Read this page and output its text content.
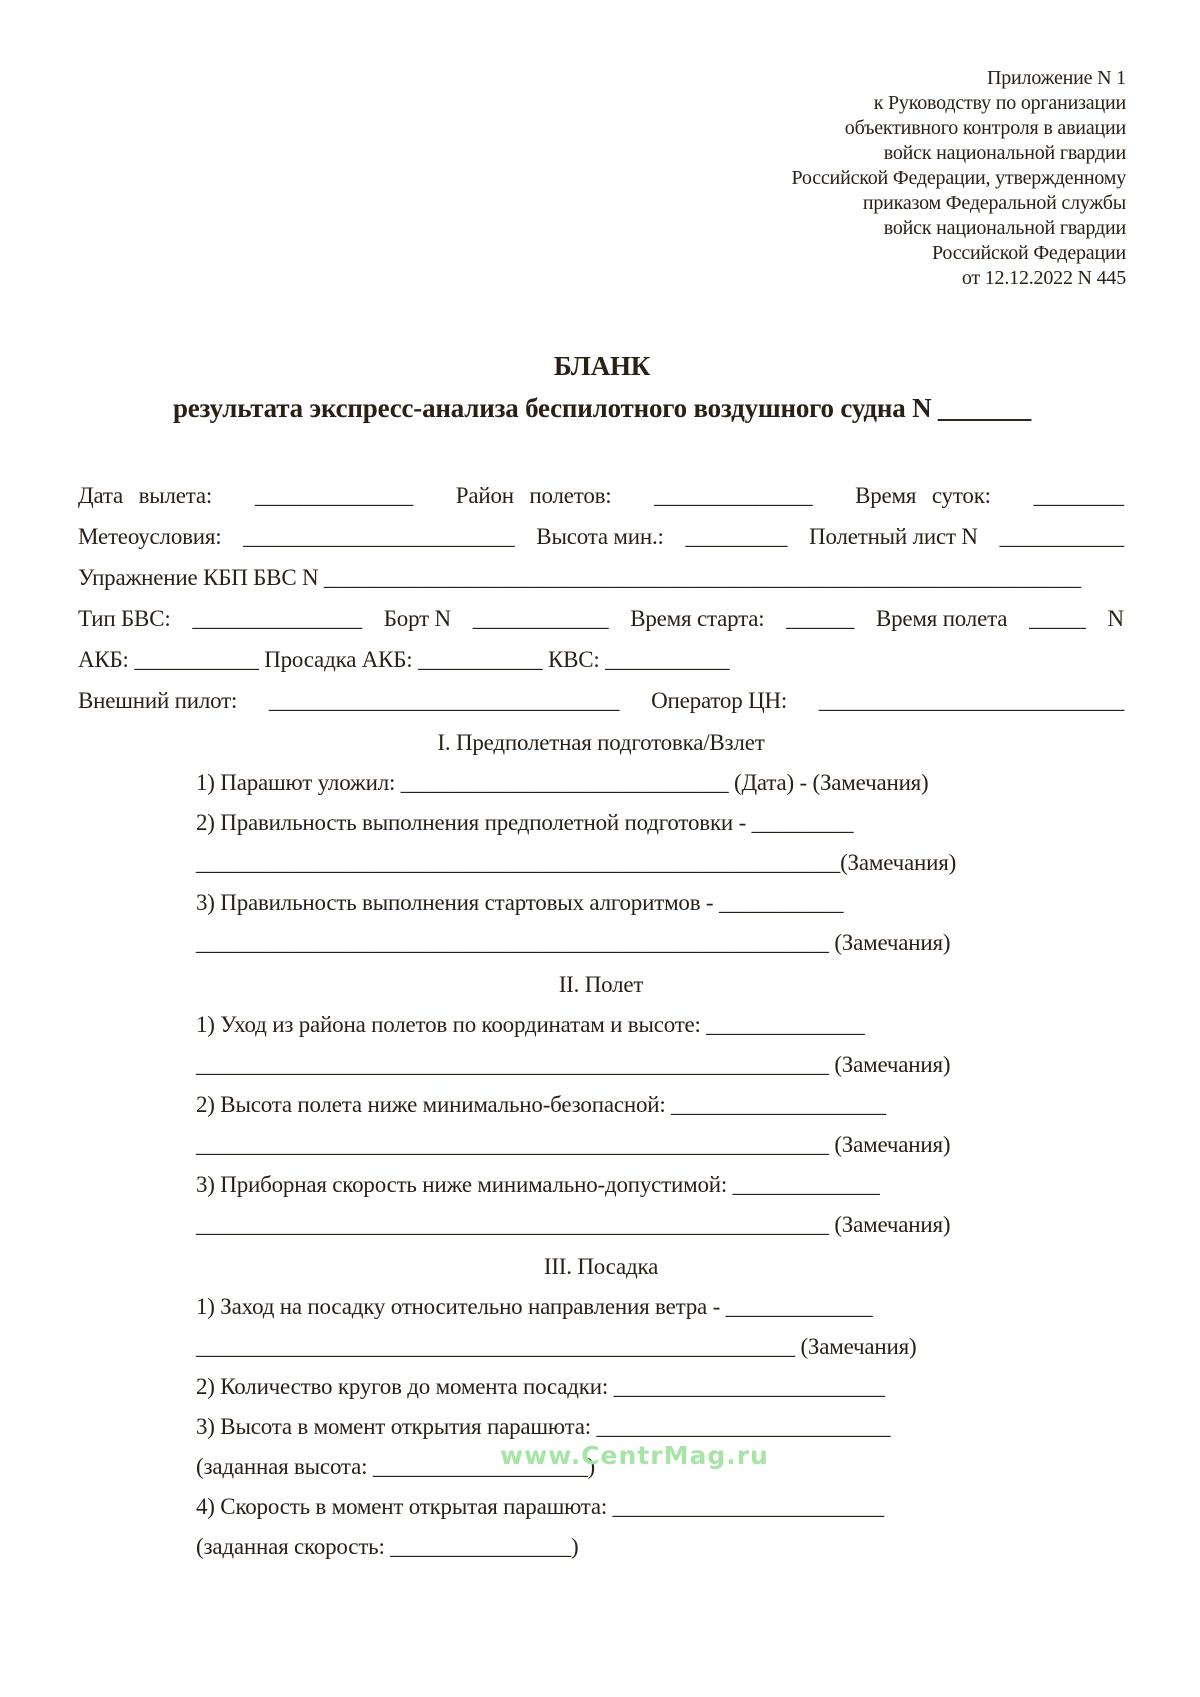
Приложение N 1
к Руководству по организации
объективного контроля в авиации
войск национальной гвардии
Российской Федерации, утвержденному
приказом Федеральной службы
войск национальной гвардии
Российской Федерации
от 12.12.2022 N 445
БЛАНК
результата экспресс-анализа беспилотного воздушного судна N _______
Дата вылета: ______________ Район полетов: ______________ Время суток: ________
Метеоусловия: ________________________ Высота мин.: _________ Полетный лист N ___________
Упражнение КБП БВС N ___________________________________________________________________
Тип БВС: _______________ Борт N ____________ Время старта: ______ Время полета _____ N
АКБ: ___________ Просадка АКБ: ___________ КВС: ___________
Внешний пилот: _______________________________ Оператор ЦН: ___________________________
I. Предполетная подготовка/Взлет
1) Парашют уложил: _____________________________ (Дата) - (Замечания)
2) Правильность выполнения предполетной подготовки - _________
_________________________________________________________(Замечания)
3) Правильность выполнения стартовых алгоритмов - ___________
________________________________________________________ (Замечания)
II. Полет
1) Уход из района полетов по координатам и высоте: ______________
________________________________________________________ (Замечания)
2) Высота полета ниже минимально-безопасной: ___________________
________________________________________________________ (Замечания)
3) Приборная скорость ниже минимально-допустимой: _____________
________________________________________________________ (Замечания)
III. Посадка
1) Заход на посадку относительно направления ветра - _____________
_____________________________________________________ (Замечания)
2) Количество кругов до момента посадки: ________________________
3) Высота в момент открытия парашюта: __________________________
(заданная высота: ___________________)
4) Скорость в момент открытая парашюта: ________________________
(заданная скорость: ________________)
www.CentrMag.ru
